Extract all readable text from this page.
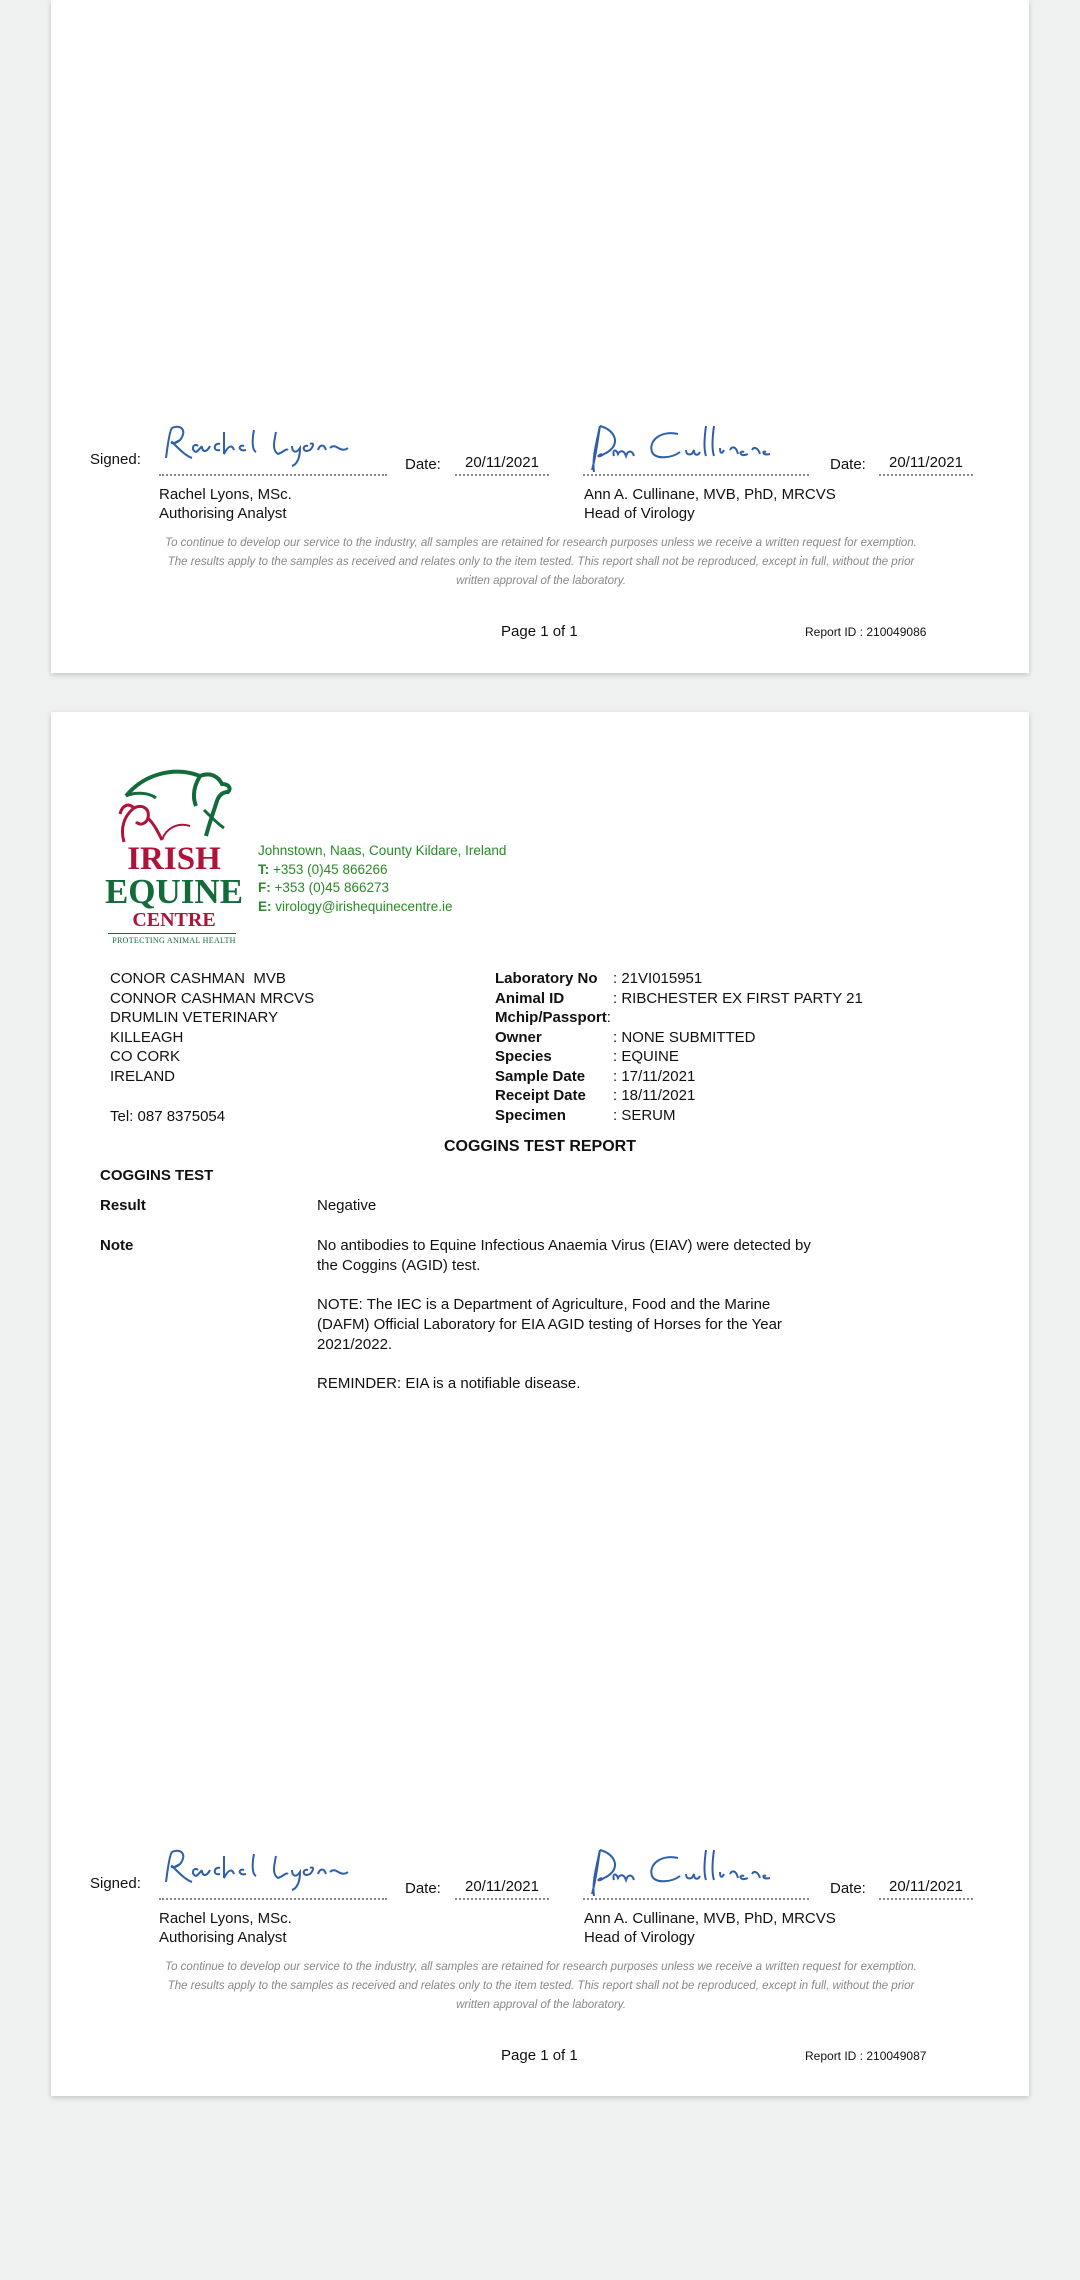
Signed:	Date: 20/11/2021	Date: 20/11/2021
Rachel Lyons, MSc.
Authorising Analyst
Ann A. Cullinane, MVB, PhD, MRCVS
Head of Virology
To continue to develop our service to the industry, all samples are retained for research purposes unless we receive a written request for exemption.
The results apply to the samples as received and relates only to the item tested. This report shall not be reproduced, except in full, without the prior
written approval of the laboratory.
Page 1 of 1	Report ID : 210049086
IRISH
EQUINE
CENTRE
PROTECTING ANIMAL HEALTH
Johnstown, Naas, County Kildare, Ireland
T: +353 (0)45 866266
F: +353 (0)45 866273
E: virology@irishequinecentre.ie
CONOR CASHMAN  MVB
CONNOR CASHMAN MRCVS
DRUMLIN VETERINARY
KILLEAGH
CO CORK
IRELAND
Tel: 087 8375054
Laboratory No : 21VI015951
Animal ID	: RIBCHESTER EX FIRST PARTY 21
Mchip/Passport:
Owner	: NONE SUBMITTED
Species	: EQUINE
Sample Date : 17/11/2021
Receipt Date : 18/11/2021
Specimen	: SERUM
COGGINS TEST REPORT
COGGINS TEST
Result	Negative
Note	No antibodies to Equine Infectious Anaemia Virus (EIAV) were detected by
the Coggins (AGID) test.
NOTE: The IEC is a Department of Agriculture, Food and the Marine
(DAFM) Official Laboratory for EIA AGID testing of Horses for the Year
2021/2022.
REMINDER: EIA is a notifiable disease.
Signed:	Date: 20/11/2021	Date: 20/11/2021
Rachel Lyons, MSc.
Authorising Analyst
Ann A. Cullinane, MVB, PhD, MRCVS
Head of Virology
To continue to develop our service to the industry, all samples are retained for research purposes unless we receive a written request for exemption.
The results apply to the samples as received and relates only to the item tested. This report shall not be reproduced, except in full, without the prior
written approval of the laboratory.
Page 1 of 1	Report ID : 210049087
